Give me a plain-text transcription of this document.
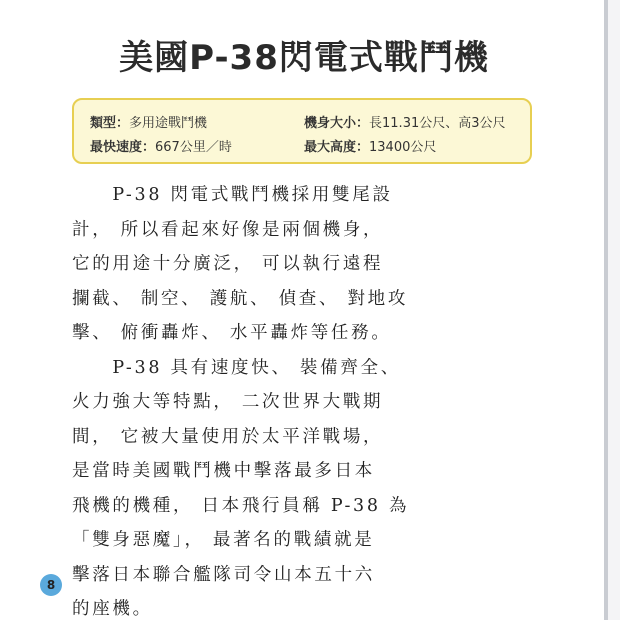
美國P-38閃電式戰鬥機
類型：多用途戰鬥機	機身大小：長11.31公尺、高3公尺
最快速度：667公里／時	最大高度：13400公尺
　　P-38 閃電式戰鬥機採用雙尾設
計， 所以看起來好像是兩個機身，
它的用途十分廣泛， 可以執行遠程
攔截、 制空、 護航、 偵查、 對地攻
擊、 俯衝轟炸、 水平轟炸等任務。
　　P-38 具有速度快、 裝備齊全、
火力強大等特點， 二次世界大戰期
間， 它被大量使用於太平洋戰場，
是當時美國戰鬥機中擊落最多日本
飛機的機種， 日本飛行員稱 P-38 為
「雙身惡魔」， 最著名的戰績就是
擊落日本聯合艦隊司令山本五十六
的座機。
8
